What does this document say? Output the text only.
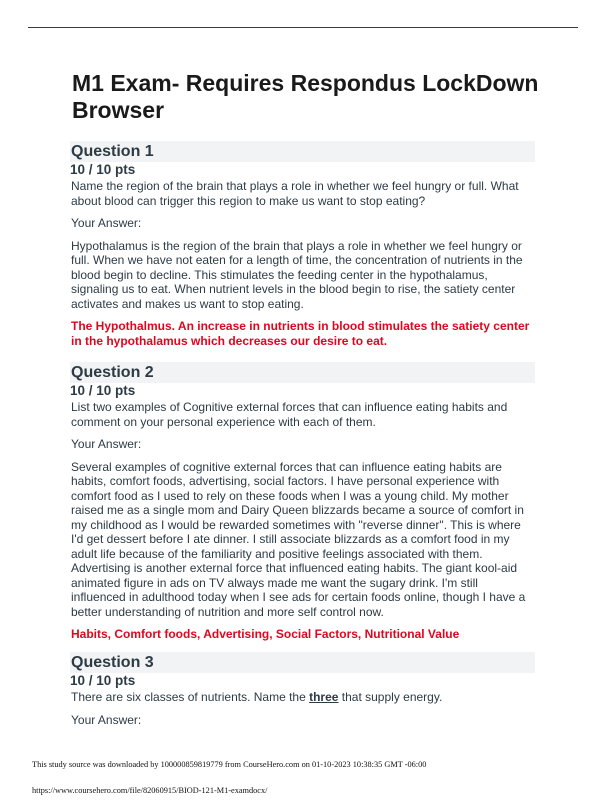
M1 Exam- Requires Respondus LockDown Browser
Question 1
10 / 10 pts
Name the region of the brain that plays a role in whether we feel hungry or full. What about blood can trigger this region to make us want to stop eating?
Your Answer:
Hypothalamus is the region of the brain that plays a role in whether we feel hungry or full. When we have not eaten for a length of time, the concentration of nutrients in the blood begin to decline. This stimulates the feeding center in the hypothalamus, signaling us to eat. When nutrient levels in the blood begin to rise, the satiety center activates and makes us want to stop eating.
The Hypothalmus. An increase in nutrients in blood stimulates the satiety center in the hypothalamus which decreases our desire to eat.
Question 2
10 / 10 pts
List two examples of Cognitive external forces that can influence eating habits and comment on your personal experience with each of them.
Your Answer:
Several examples of cognitive external forces that can influence eating habits are habits, comfort foods, advertising, social factors. I have personal experience with comfort food as I used to rely on these foods when I was a young child. My mother raised me as a single mom and Dairy Queen blizzards became a source of comfort in my childhood as I would be rewarded sometimes with "reverse dinner". This is where I'd get dessert before I ate dinner. I still associate blizzards as a comfort food in my adult life because of the familiarity and positive feelings associated with them. Advertising is another external force that influenced eating habits. The giant kool-aid animated figure in ads on TV always made me want the sugary drink. I'm still influenced in adulthood today when I see ads for certain foods online, though I have a better understanding of nutrition and more self control now.
Habits, Comfort foods, Advertising, Social Factors, Nutritional Value
Question 3
10 / 10 pts
There are six classes of nutrients. Name the three that supply energy.
Your Answer:
This study source was downloaded by 100000859819779 from CourseHero.com on 01-10-2023 10:38:35 GMT -06:00
https://www.coursehero.com/file/82060915/BIOD-121-M1-examdocx/
